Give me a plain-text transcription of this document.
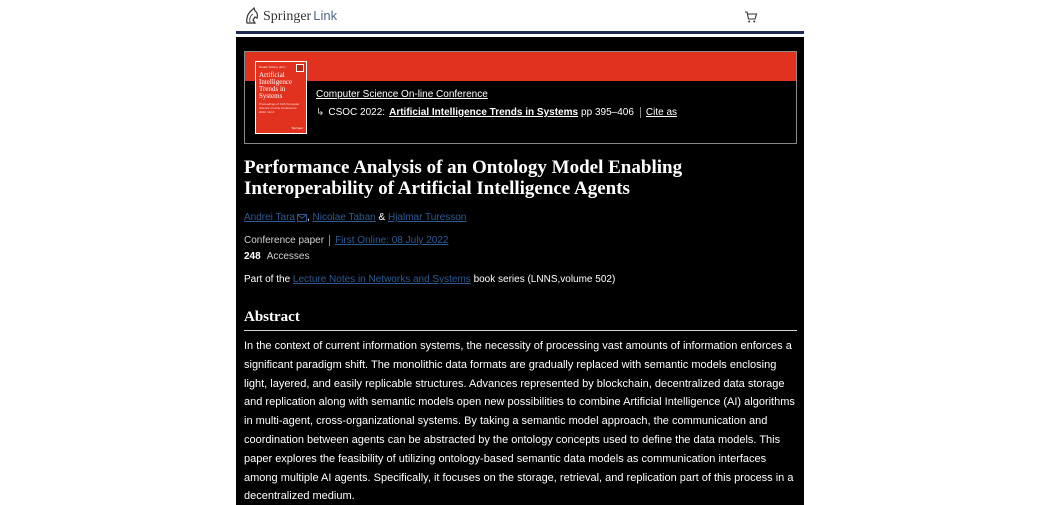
Springer Link
Radek Silhavy (Ed.)
Artificial Intelligence Trends in Systems
Proceedings of 11th Computer Science On-line Conference 2022, Vol 2
Springer
Computer Science On-line Conference
↳ CSOC 2022: Artificial Intelligence Trends in Systems pp 395–406 Cite as
Performance Analysis of an Ontology Model Enabling Interoperability of Artificial Intelligence Agents
Andrei Tara ,
Nicolae Taban
&
Hjalmar Turesson
Conference paper First Online: 08 July 2022
248 Accesses
Part of the Lecture Notes in Networks and Systems book series (LNNS,volume 502)
Abstract

In the context of current information systems, the necessity of processing vast amounts of information enforces a significant paradigm shift. The monolithic data formats are gradually replaced with semantic models enclosing light, layered, and easily replicable structures. Advances represented by blockchain, decentralized data storage and replication along with semantic models open new possibilities to combine Artificial Intelligence (AI) algorithms in multi-agent, cross-organizational systems. By taking a semantic model approach, the communication and coordination between agents can be abstracted by the ontology concepts used to define the data models. This paper explores the feasibility of utilizing ontology-based semantic data models as communication interfaces among multiple AI agents. Specifically, it focuses on the storage, retrieval, and replication part of this process in a decentralized medium.
